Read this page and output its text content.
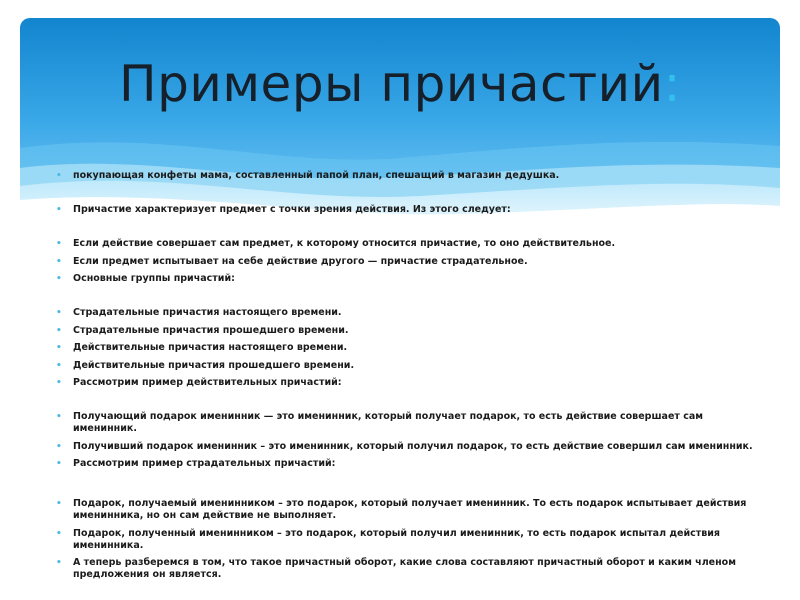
Примеры причастий:
• покупающая конфеты мама, составленный папой план, спешащий в магазин дедушка.
• Причастие характеризует предмет с точки зрения действия. Из этого следует:
• Если действие совершает сам предмет, к которому относится причастие, то оно действительное.
• Если предмет испытывает на себе действие другого — причастие страдательное.
• Основные группы причастий:
• Страдательные причастия настоящего времени.
• Страдательные причастия прошедшего времени.
• Действительные причастия настоящего времени.
• Действительные причастия прошедшего времени.
• Рассмотрим пример действительных причастий:
• Получающий подарок именинник — это именинник, который получает подарок, то есть действие совершает сам именинник.
• Получивший подарок именинник – это именинник, который получил подарок, то есть действие совершил сам именинник.
• Рассмотрим пример страдательных причастий:
• Подарок, получаемый именинником – это подарок, который получает именинник. То есть подарок испытывает действия именинника, но он сам действие не выполняет.
• Подарок, полученный именинником – это подарок, который получил именинник, то есть подарок испытал действия именинника.
• А теперь разберемся в том, что такое причастный оборот, какие слова составляют причастный оборот и каким членом предложения он является.
